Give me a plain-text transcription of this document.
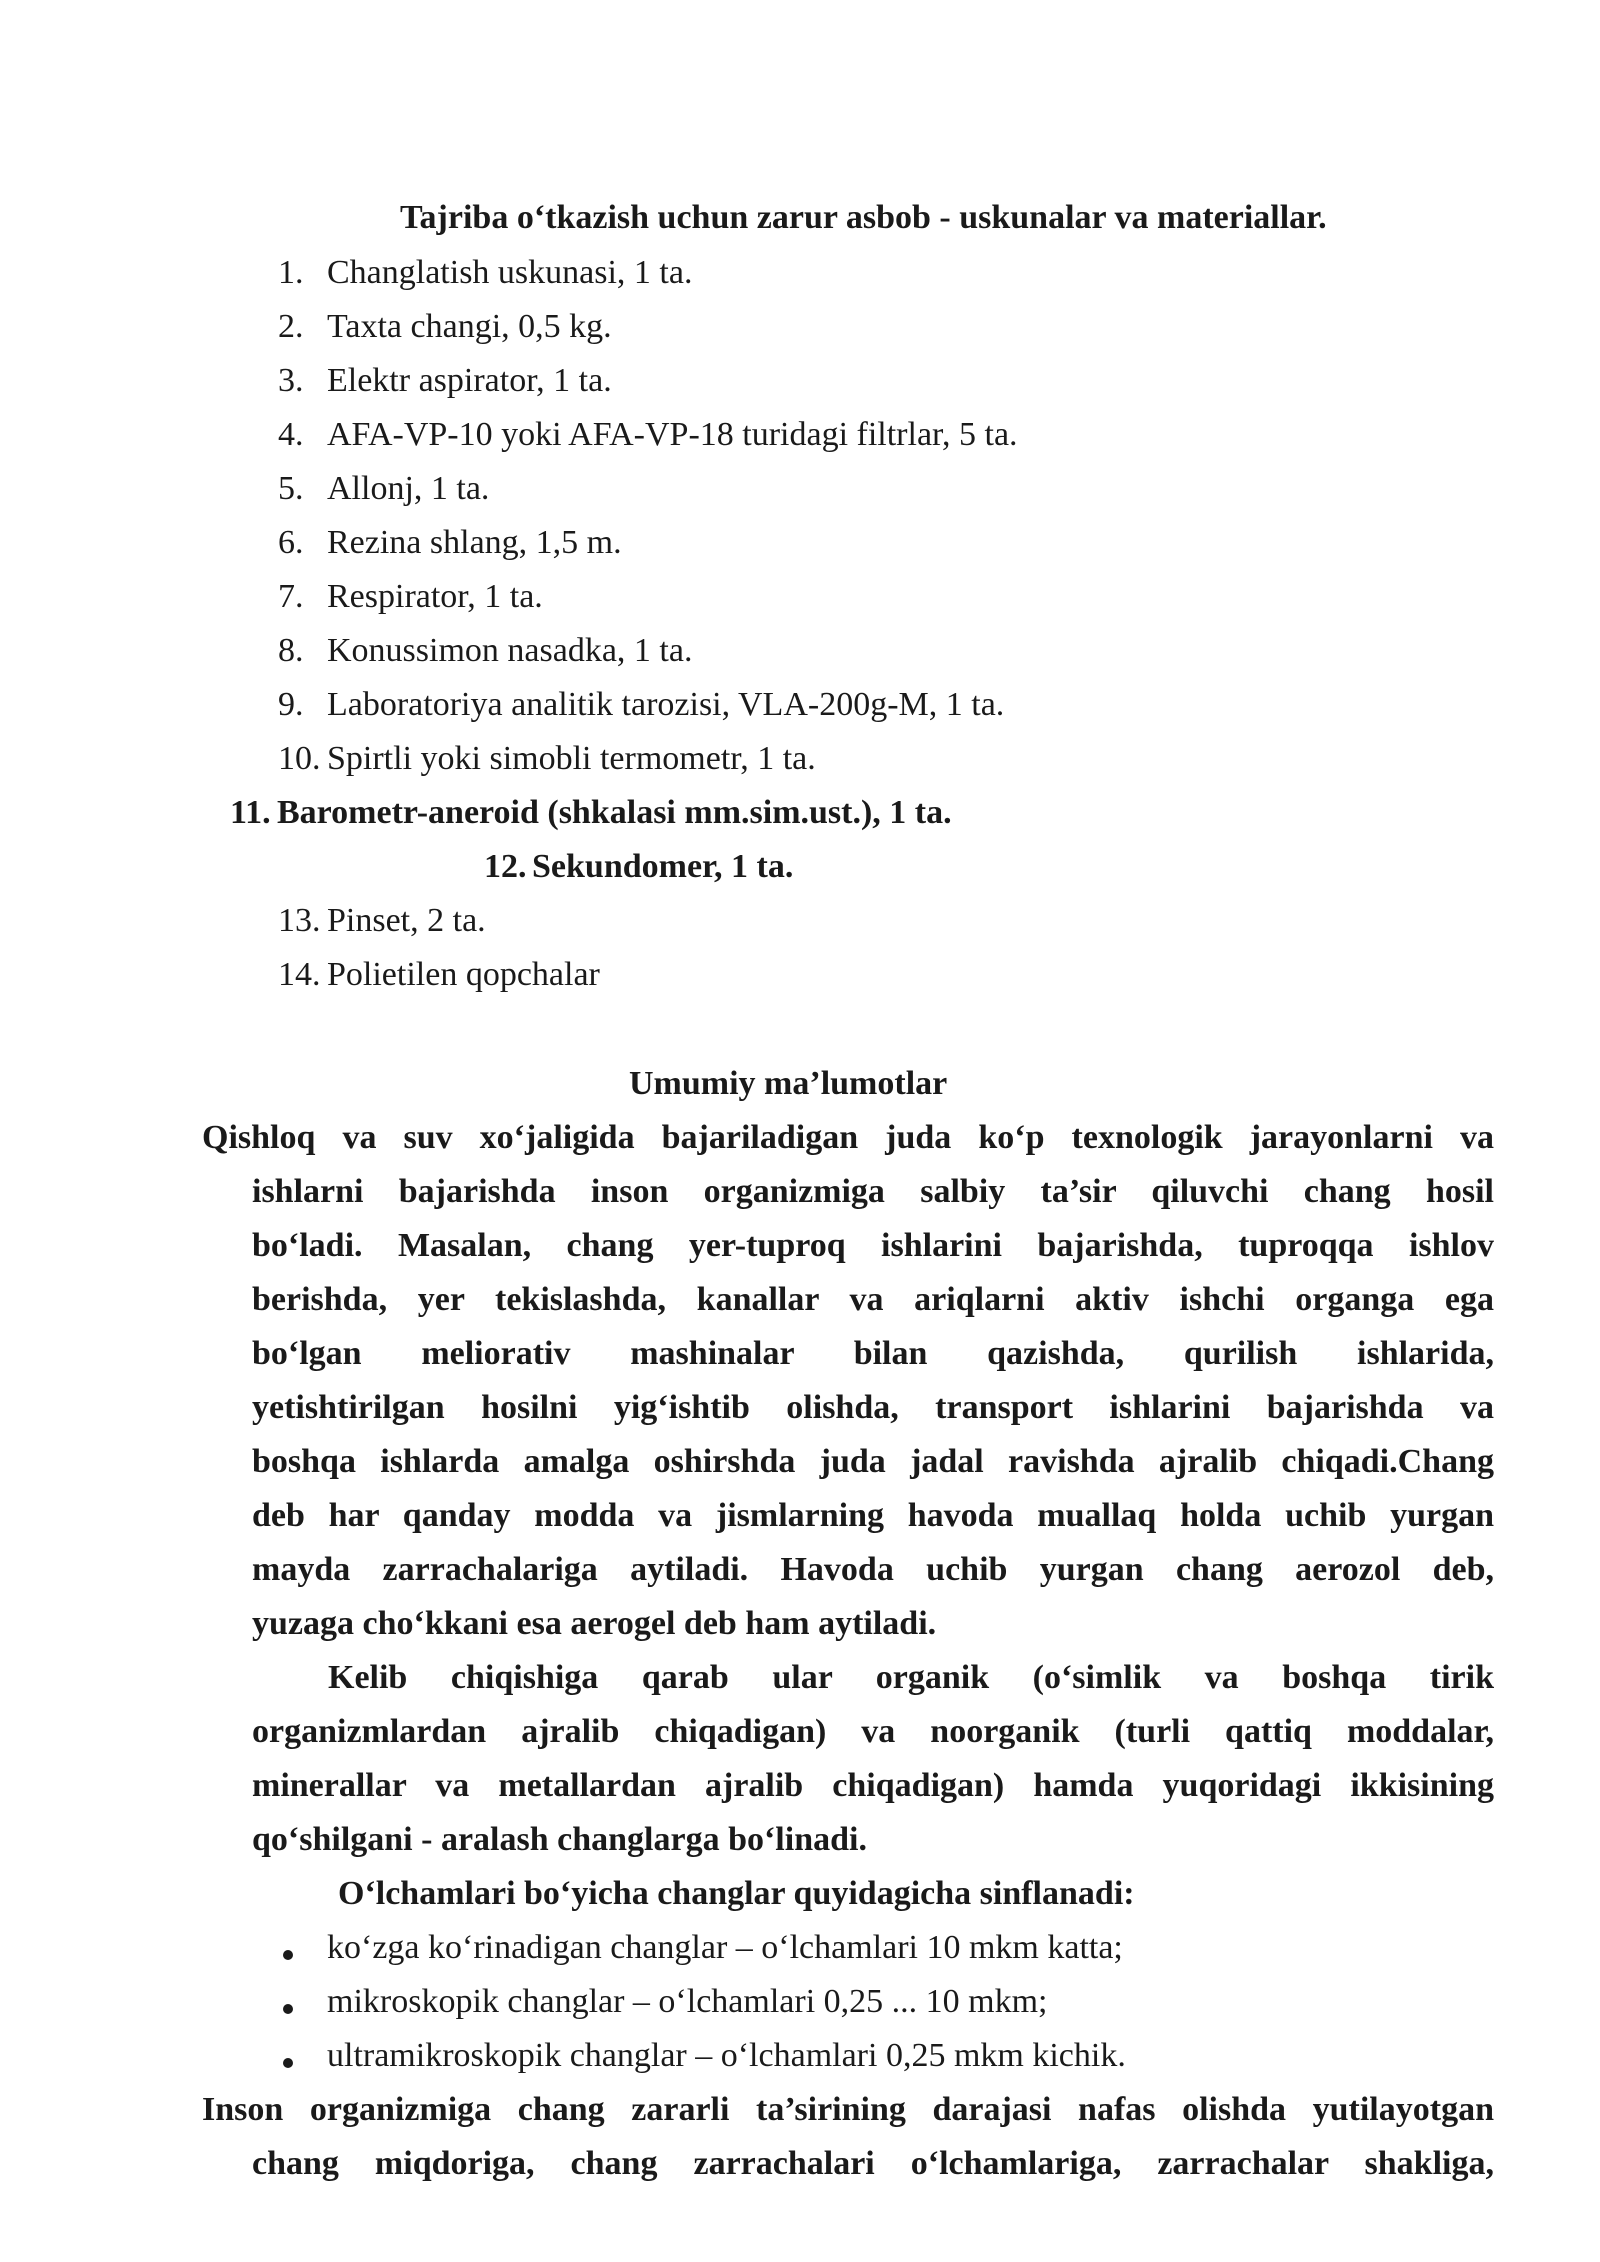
Tajriba o‘tkazish uchun zarur asbob - uskunalar va materiallar.
1. Changlatish uskunasi, 1 ta.
2. Taxta changi, 0,5 kg.
3. Elektr aspirator, 1 ta.
4. AFA-VP-10 yoki AFA-VP-18 turidagi filtrlar, 5 ta.
5. Allonj, 1 ta.
6. Rezina shlang, 1,5 m.
7. Respirator, 1 ta.
8. Konussimon nasadka, 1 ta.
9. Laboratoriya analitik tarozisi, VLA-200g-M, 1 ta.
10. Spirtli yoki simobli termometr, 1 ta.
11. Barometr-aneroid (shkalasi mm.sim.ust.), 1 ta.
12. Sekundomer, 1 ta.
13. Pinset, 2 ta.
14. Polietilen qopchalar
Umumiy ma’lumotlar
Qishloq va suv xo‘jaligida bajariladigan juda ko‘p texnologik jarayonlarni va
ishlarni bajarishda inson organizmiga salbiy ta’sir qiluvchi chang hosil
bo‘ladi. Masalan, chang yer-tuproq ishlarini bajarishda, tuproqqa ishlov
berishda, yer tekislashda, kanallar va ariqlarni aktiv ishchi organga ega
bo‘lgan meliorativ mashinalar bilan qazishda, qurilish ishlarida,
yetishtirilgan hosilni yig‘ishtib olishda, transport ishlarini bajarishda va
boshqa ishlarda amalga oshirshda juda jadal ravishda ajralib chiqadi.Chang
deb har qanday modda va jismlarning havoda muallaq holda uchib yurgan
mayda zarrachalariga aytiladi. Havoda uchib yurgan chang aerozol deb,
yuzaga cho‘kkani esa aerogel deb ham aytiladi.
Kelib chiqishiga qarab ular organik (o‘simlik va boshqa tirik
organizmlardan ajralib chiqadigan) va noorganik (turli qattiq moddalar,
minerallar va metallardan ajralib chiqadigan) hamda yuqoridagi ikkisining
qo‘shilgani - aralash changlarga bo‘linadi.
O‘lchamlari bo‘yicha changlar quyidagicha sinflanadi:
ko‘zga ko‘rinadigan changlar – o‘lchamlari 10 mkm katta;
mikroskopik changlar – o‘lchamlari 0,25 ... 10 mkm;
ultramikroskopik changlar – o‘lchamlari 0,25 mkm kichik.
Inson organizmiga chang zararli ta’sirining darajasi nafas olishda yutilayotgan
chang miqdoriga, chang zarrachalari o‘lchamlariga, zarrachalar shakliga,
